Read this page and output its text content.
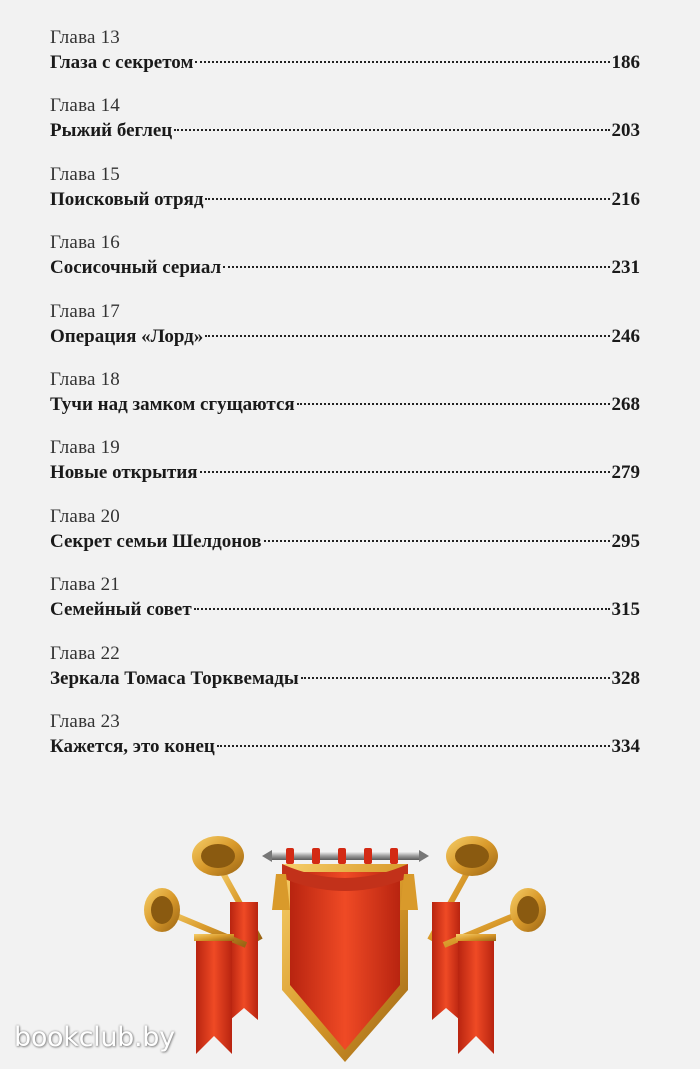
Глава 13
Глаза с секретом	186
Глава 14
Рыжий беглец	203
Глава 15
Поисковый отряд	216
Глава 16
Сосисочный сериал	231
Глава 17
Операция «Лорд»	246
Глава 18
Тучи над замком сгущаются	268
Глава 19
Новые открытия	279
Глава 20
Секрет семьи Шелдонов	295
Глава 21
Семейный совет	315
Глава 22
Зеркала Томаса Торквемады	328
Глава 23
Кажется, это конец	334
bookclub.by
